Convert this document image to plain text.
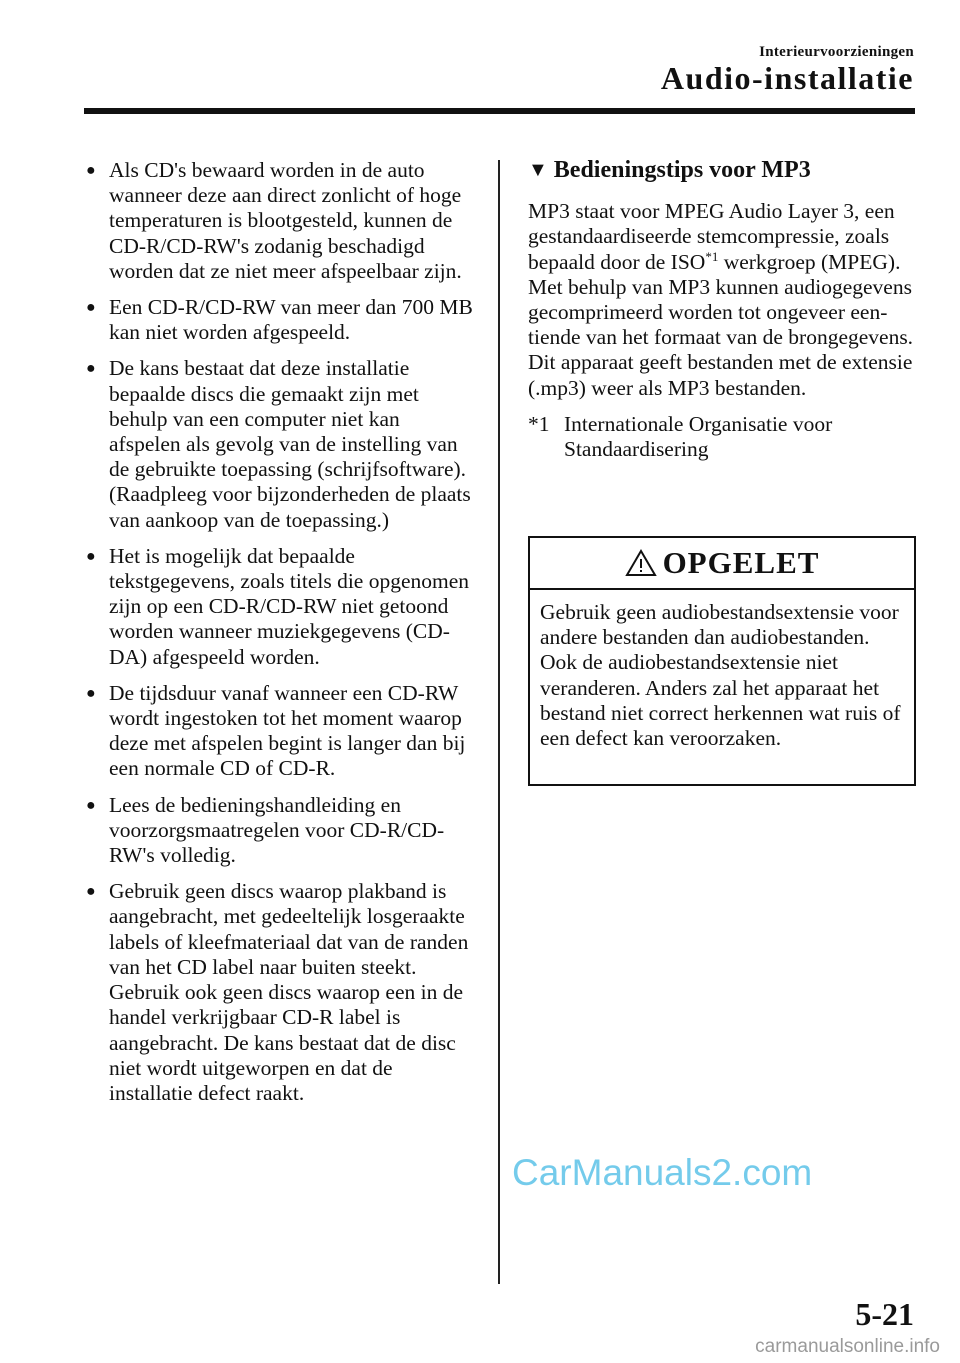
Interieurvoorzieningen
Audio-installatie
● Als CD's bewaard worden in de auto wanneer deze aan direct zonlicht of hoge temperaturen is blootgesteld, kunnen de CD-R/CD-RW's zodanig beschadigd worden dat ze niet meer afspeelbaar zijn.
● Een CD-R/CD-RW van meer dan 700 MB kan niet worden afgespeeld.
● De kans bestaat dat deze installatie bepaalde discs die gemaakt zijn met behulp van een computer niet kan afspelen als gevolg van de instelling van de gebruikte toepassing (schrijfsoftware). (Raadpleeg voor bijzonderheden de plaats van aankoop van de toepassing.)
● Het is mogelijk dat bepaalde tekstgegevens, zoals titels die opgenomen zijn op een CD-R/CD-RW niet getoond worden wanneer muziekgegevens (CD-DA) afgespeeld worden.
● De tijdsduur vanaf wanneer een CD-RW wordt ingestoken tot het moment waarop deze met afspelen begint is langer dan bij een normale CD of CD-R.
● Lees de bedieningshandleiding en voorzorgsmaatregelen voor CD-R/CD-RW's volledig.
● Gebruik geen discs waarop plakband is aangebracht, met gedeeltelijk losgeraakte labels of kleefmateriaal dat van de randen van het CD label naar buiten steekt. Gebruik ook geen discs waarop een in de handel verkrijgbaar CD-R label is aangebracht. De kans bestaat dat de disc niet wordt uitgeworpen en dat de installatie defect raakt.
▼ Bedieningstips voor MP3

MP3 staat voor MPEG Audio Layer 3, een gestandaardiseerde stemcompressie, zoals bepaald door de ISO$^{*1}$ werkgroep (MPEG).

Met behulp van MP3 kunnen audiogegevens gecomprimeerd worden tot ongeveer een-tiende van het formaat van de brongegevens.

Dit apparaat geeft bestanden met de extensie (.mp3) weer als MP3 bestanden.

*1 Internationale Organisatie voor Standaardisering
OPGELET
Gebruik geen audiobestandsextensie voor andere bestanden dan audiobestanden. Ook de audiobestandsextensie niet veranderen. Anders zal het apparaat het bestand niet correct herkennen wat ruis of een defect kan veroorzaken.
CarManuals2.com
5-21
carmanualsonline.info
